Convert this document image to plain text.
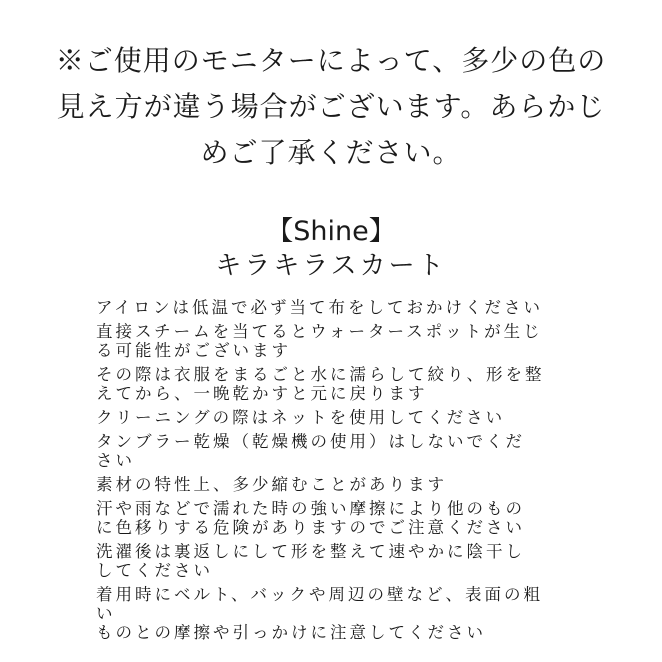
※ご使用のモニターによって、多少の色の
見え方が違う場合がございます。あらかじ
めご了承ください。
【Shine】
キラキラスカート
アイロンは低温で必ず当て布をしておかけください
直接スチームを当てるとウォータースポットが生じ
る可能性がございます
その際は衣服をまるごと水に濡らして絞り、形を整
えてから、一晩乾かすと元に戻ります
クリーニングの際はネットを使用してください
タンブラー乾燥（乾燥機の使用）はしないでくだ
さい
素材の特性上、多少縮むことがあります
汗や雨などで濡れた時の強い摩擦により他のもの
に色移りする危険がありますのでご注意ください
洗濯後は裏返しにして形を整えて速やかに陰干し
してください
着用時にベルト、バックや周辺の壁など、表面の粗
い
ものとの摩擦や引っかけに注意してください
